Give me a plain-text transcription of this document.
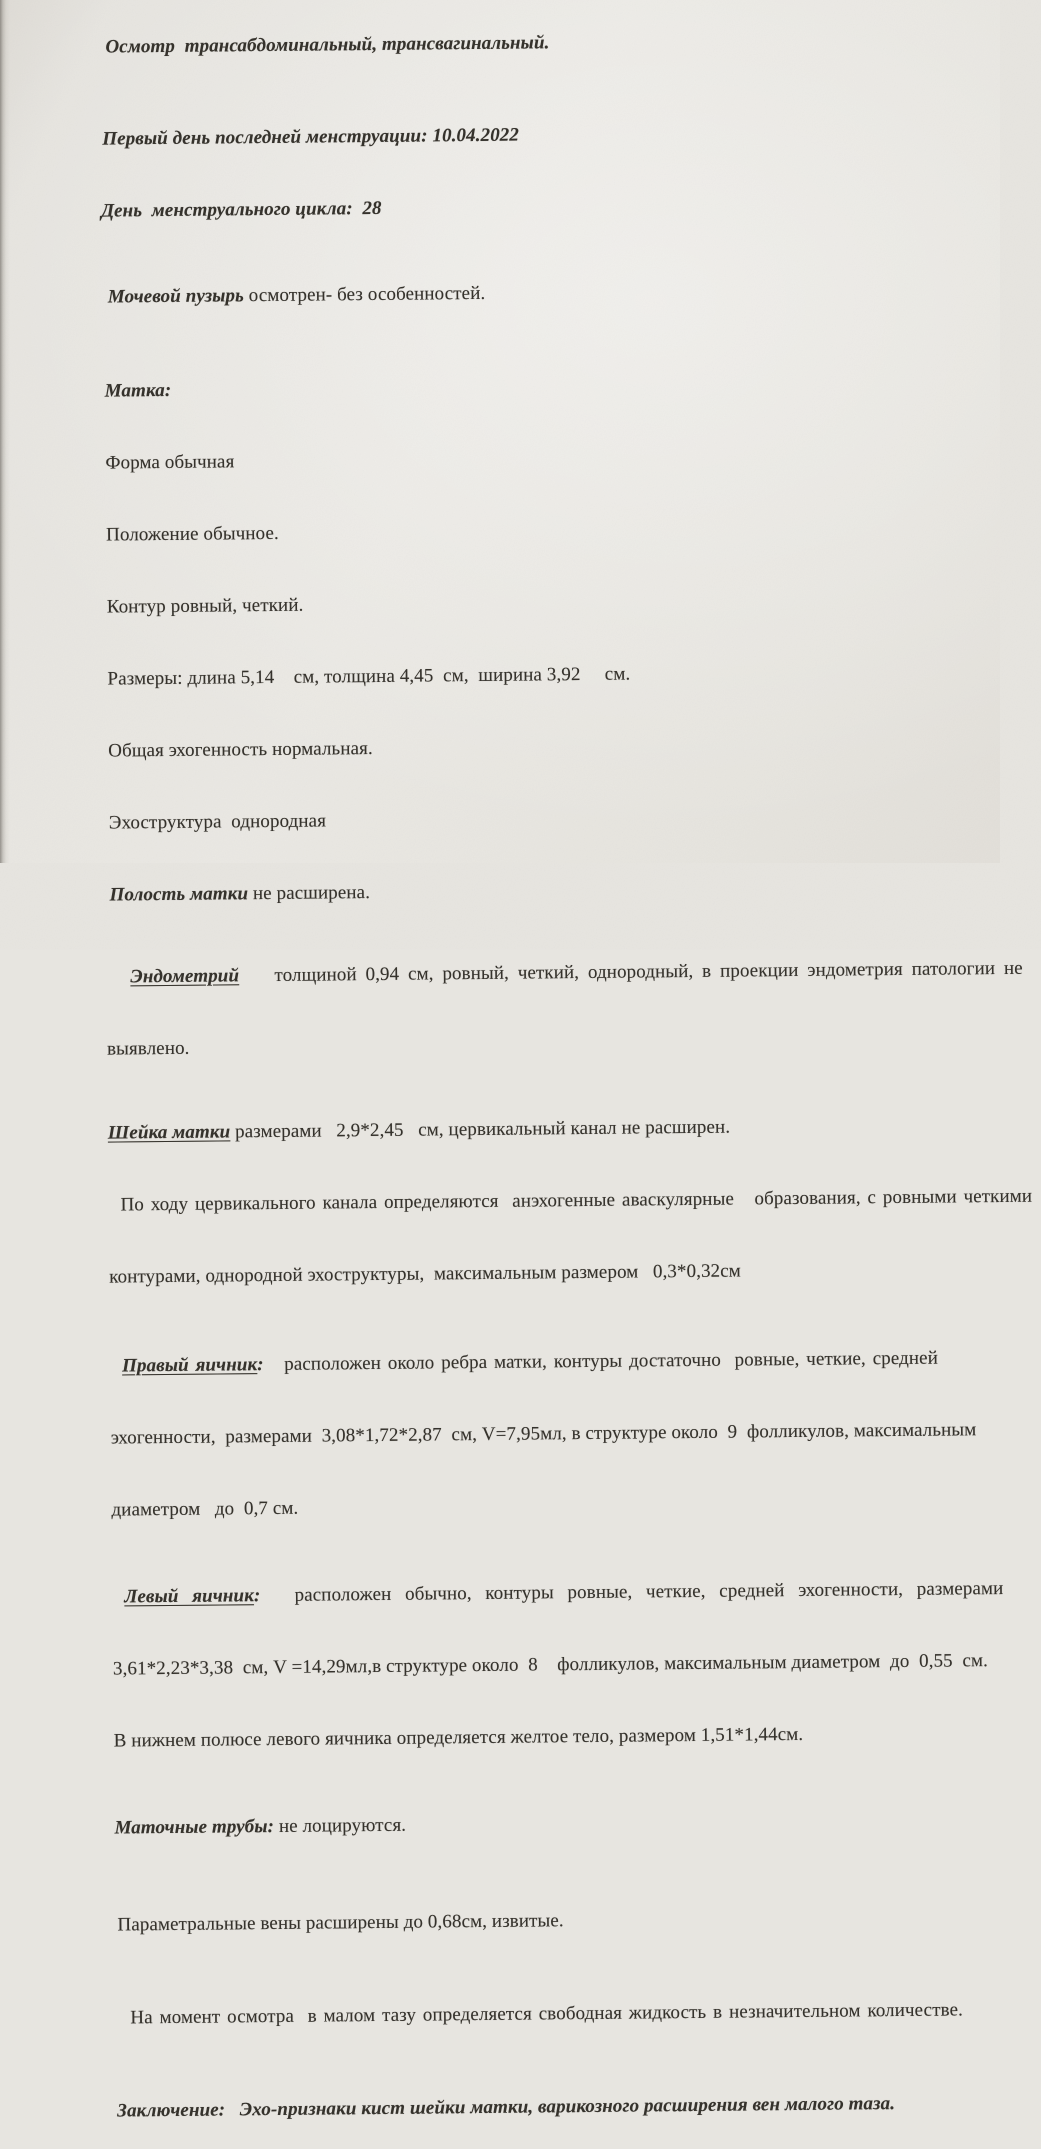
Осмотр  трансабдоминальный, трансвагинальный.

Первый день последней менструации: 10.04.2022

День  менструального цикла:  28

Мочевой пузырь осмотрен- без особенностей.

Матка:

Форма обычная

Положение обычное.

Контур ровный, четкий.

Размеры: длина 5,14    см, толщина 4,45  см,  ширина 3,92     см.

Общая эхогенность нормальная.

Эхоструктура  однородная

Полость матки не расширена.

Эндометрий    толщиной 0,94 см, ровный, четкий, однородный, в проекции эндометрия патологии не

выявлено.

Шейка матки размерами   2,9*2,45   см, цервикальный канал не расширен.

По ходу цервикального канала определяются  анэхогенные аваскулярные   образования, с ровными четкими

контурами, однородной эхоструктуры,  максимальным размером   0,3*0,32см

Правый яичник:   расположен около ребра матки, контуры достаточно  ровные, четкие, средней

эхогенности,  размерами  3,08*1,72*2,87  см, V=7,95мл, в структуре около  9  фолликулов, максимальным

диаметром   до  0,7 см.

Левый  яичник:     расположен  обычно,  контуры  ровные,  четкие,  средней  эхогенности,  размерами

3,61*2,23*3,38  см, V =14,29мл,в структуре около  8    фолликулов, максимальным диаметром  до  0,55  см.

В нижнем полюсе левого яичника определяется желтое тело, размером 1,51*1,44см.

Маточные трубы: не лоцируются.

Параметральные вены расширены до 0,68см, извитые.

На момент осмотра  в малом тазу определяется свободная жидкость в незначительном количестве.

Заключение:   Эхо-признаки кист шейки матки, варикозного расширения вен малого таза.
